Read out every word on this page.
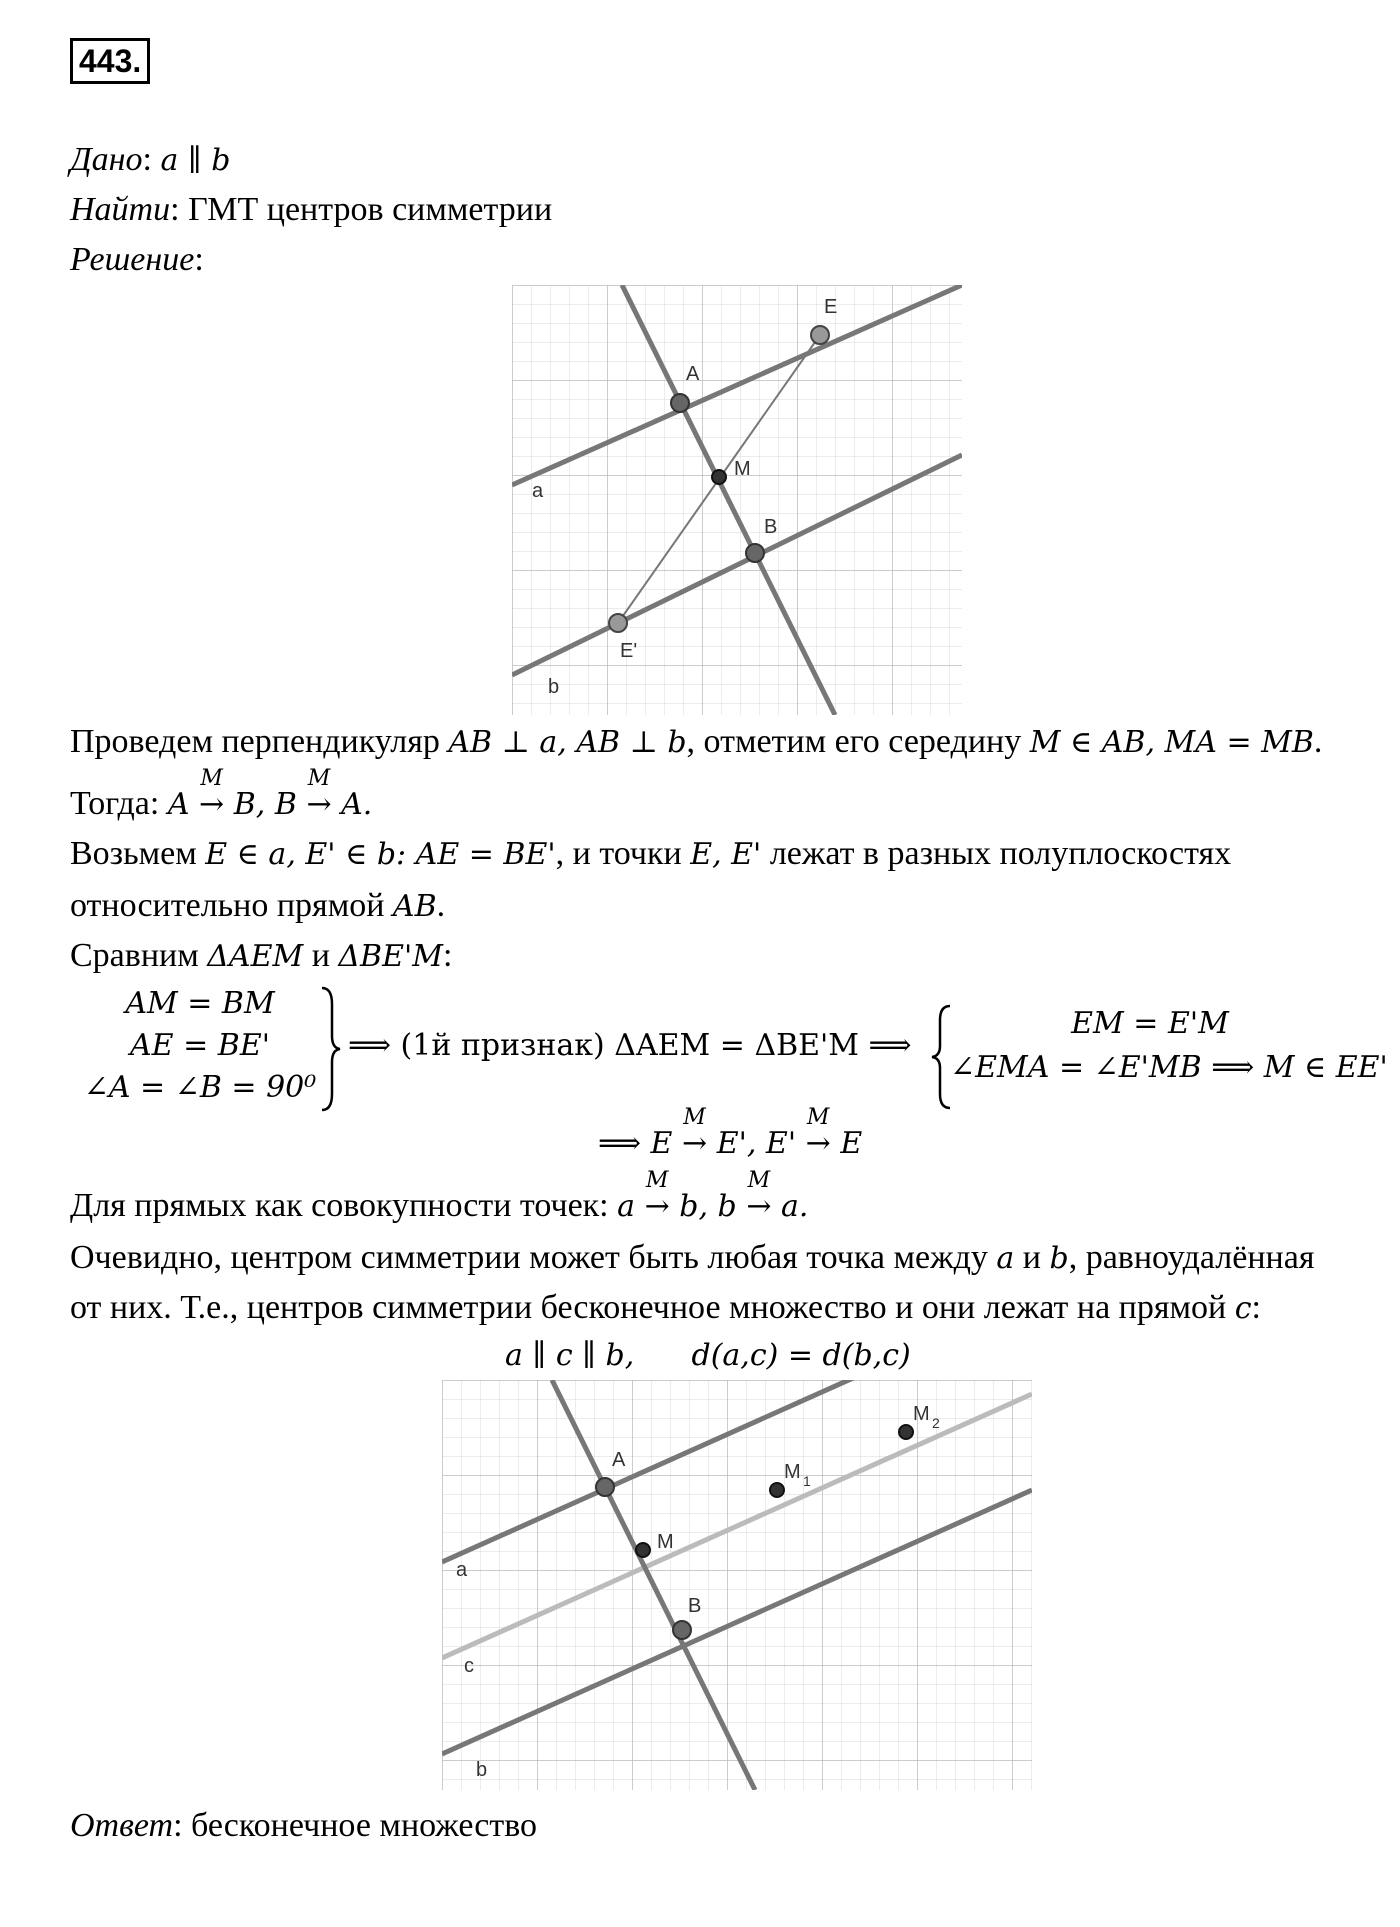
443.
Дано: a ∥ b
Найти: ГМТ центров симметрии
Решение:
E
A
M
B
E'
a
b
Проведем перпендикуляр AB ⊥ a, AB ⊥ b, отметим его середину M ∈ AB, MA = MB.
Тогда: A →
M
B, B →
M
A.
Возьмем E ∈ a, E' ∈ b: AE = BE', и точки E, E' лежат в разных полуплоскостях
относительно прямой AB.
Сравним ΔAEM и ΔBE'M:
AM = BM
AE = BE'
∠A = ∠B = 90⁰
⟹ (1й признак) ΔAEM = ΔBE'M ⟹
EM = E'M
∠EMA = ∠E'MB ⟹ M ∈ EE'
⟹ E →
M
E', E' →
M
E
Для прямых как совокупности точек: a →
M
b, b →
M
a.
Очевидно, центром симметрии может быть любая точка между a и b, равноудалённая
от них. Т.е., центров симметрии бесконечное множество и они лежат на прямой c:
a ∥ c ∥ b,      d(a,c) = d(b,c)
A
M 1
M 2
M
B
a
c
b
Ответ: бесконечное множество
